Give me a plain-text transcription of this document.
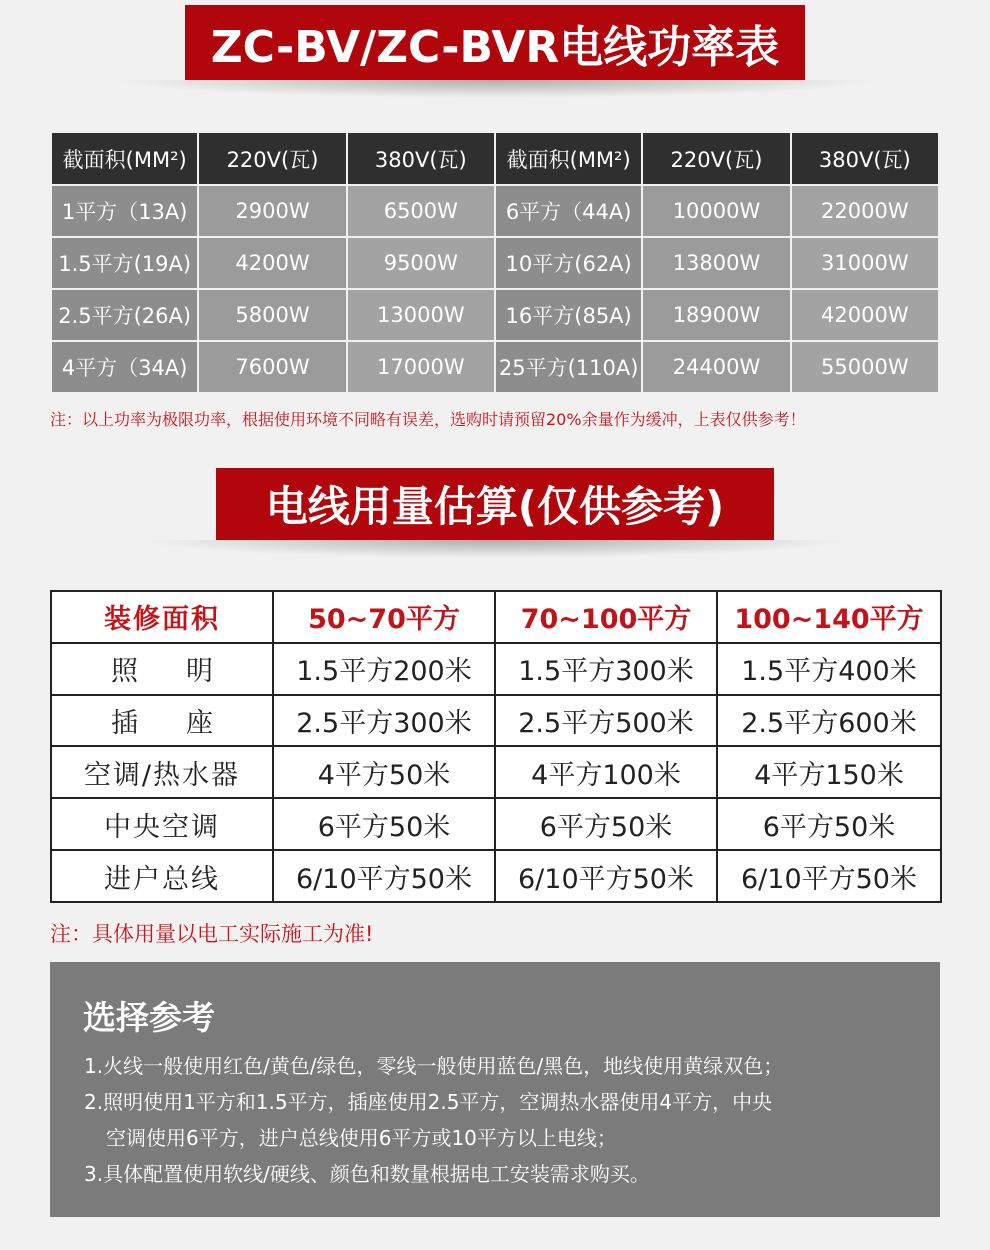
ZC-BV/ZC-BVR电线功率表
截面积(MM²)	220V(瓦)	380V(瓦)	截面积(MM²)	220V(瓦)	380V(瓦)
1平方（13A)	2900W	6500W	6平方（44A)	10000W	22000W
1.5平方(19A)	4200W	9500W	10平方(62A)	13800W	31000W
2.5平方(26A)	5800W	13000W	16平方(85A)	18900W	42000W
4平方（34A)	7600W	17000W	25平方(110A)	24400W	55000W
注：以上功率为极限功率，根据使用环境不同略有误差，选购时请预留20%余量作为缓冲，上表仅供参考！
电线用量估算(仅供参考)
装修面积	50~70平方	70~100平方	100~140平方
照明	1.5平方200米	1.5平方300米	1.5平方400米
插座	2.5平方300米	2.5平方500米	2.5平方600米
空调/热水器	4平方50米	4平方100米	4平方150米
中央空调	6平方50米	6平方50米	6平方50米
进户总线	6/10平方50米	6/10平方50米	6/10平方50米
注：具体用量以电工实际施工为准!
选择参考
1.火线一般使用红色/黄色/绿色，零线一般使用蓝色/黑色，地线使用黄绿双色；
2.照明使用1平方和1.5平方，插座使用2.5平方，空调热水器使用4平方，中央
空调使用6平方，进户总线使用6平方或10平方以上电线；
3.具体配置使用软线/硬线、颜色和数量根据电工安装需求购买。
